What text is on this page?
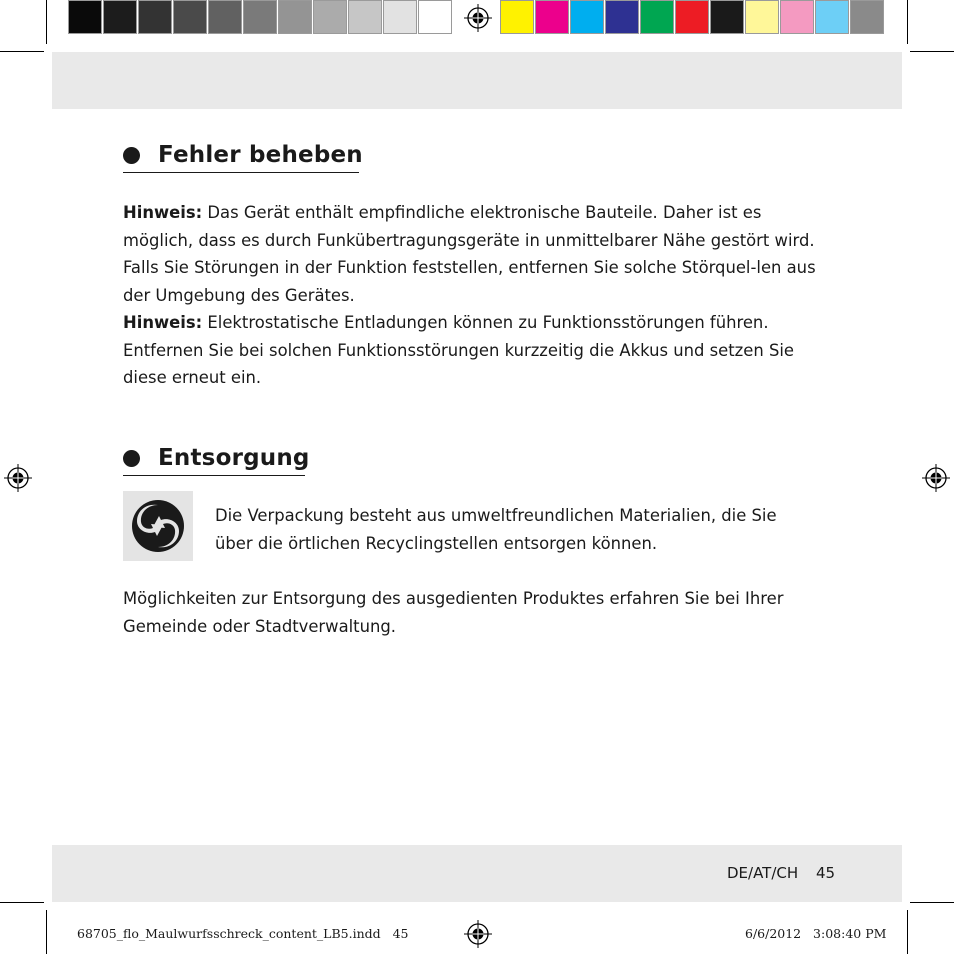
Fehler beheben
Hinweis: Das Gerät enthält empfindliche elektronische Bauteile. Daher ist es möglich, dass es durch Funkübertragungsgeräte in unmittelbarer Nähe gestört wird. Falls Sie Störungen in der Funktion feststellen, entfernen Sie solche Störquel-len aus der Umgebung des Gerätes.
Hinweis: Elektrostatische Entladungen können zu Funktionsstörungen führen. Entfernen Sie bei solchen Funktionsstörungen kurzzeitig die Akkus und setzen Sie diese erneut ein.
Entsorgung
Die Verpackung besteht aus umweltfreundlichen Materialien, die Sie über die örtlichen Recyclingstellen entsorgen können.
Möglichkeiten zur Entsorgung des ausgedienten Produktes erfahren Sie bei Ihrer Gemeinde oder Stadtverwaltung.
DE/AT/CH 45
68705_flo_Maulwurfsschreck_content_LB5.indd   45	6/6/2012   3:08:40 PM
